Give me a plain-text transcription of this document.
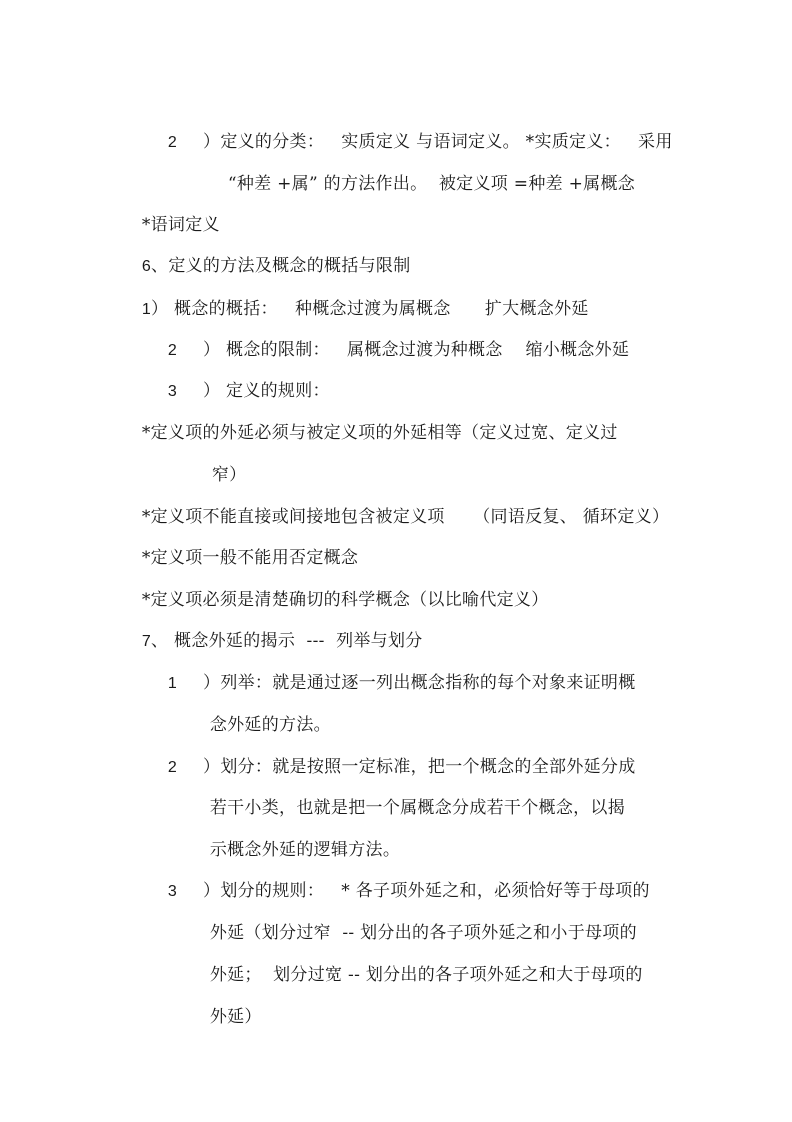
2 ）定义的分类：   实质定义 与语词定义。 *实质定义：   采用

“种差 +属” 的方法作出。  被定义项 =种差 +属概念

*语词定义

6、定义的方法及概念的概括与限制

1） 概念的概括：   种概念过渡为属概念      扩大概念外延

2 ） 概念的限制：   属概念过渡为种概念    缩小概念外延

3 ） 定义的规则：

*定义项的外延必须与被定义项的外延相等（定义过宽、定义过

窄）

*定义项不能直接或间接地包含被定义项     （同语反复、 循环定义）

*定义项一般不能用否定概念

*定义项必须是清楚确切的科学概念（以比喻代定义）

7、 概念外延的揭示  ---  列举与划分

1 ）列举：就是通过逐一列出概念指称的每个对象来证明概

念外延的方法。

2 ）划分：就是按照一定标准，把一个概念的全部外延分成

若干小类，也就是把一个属概念分成若干个概念，以揭

示概念外延的逻辑方法。

3 ）划分的规则：   * 各子项外延之和，必须恰好等于母项的

外延（划分过窄  -- 划分出的各子项外延之和小于母项的

外延；  划分过宽 -- 划分出的各子项外延之和大于母项的

外延）
